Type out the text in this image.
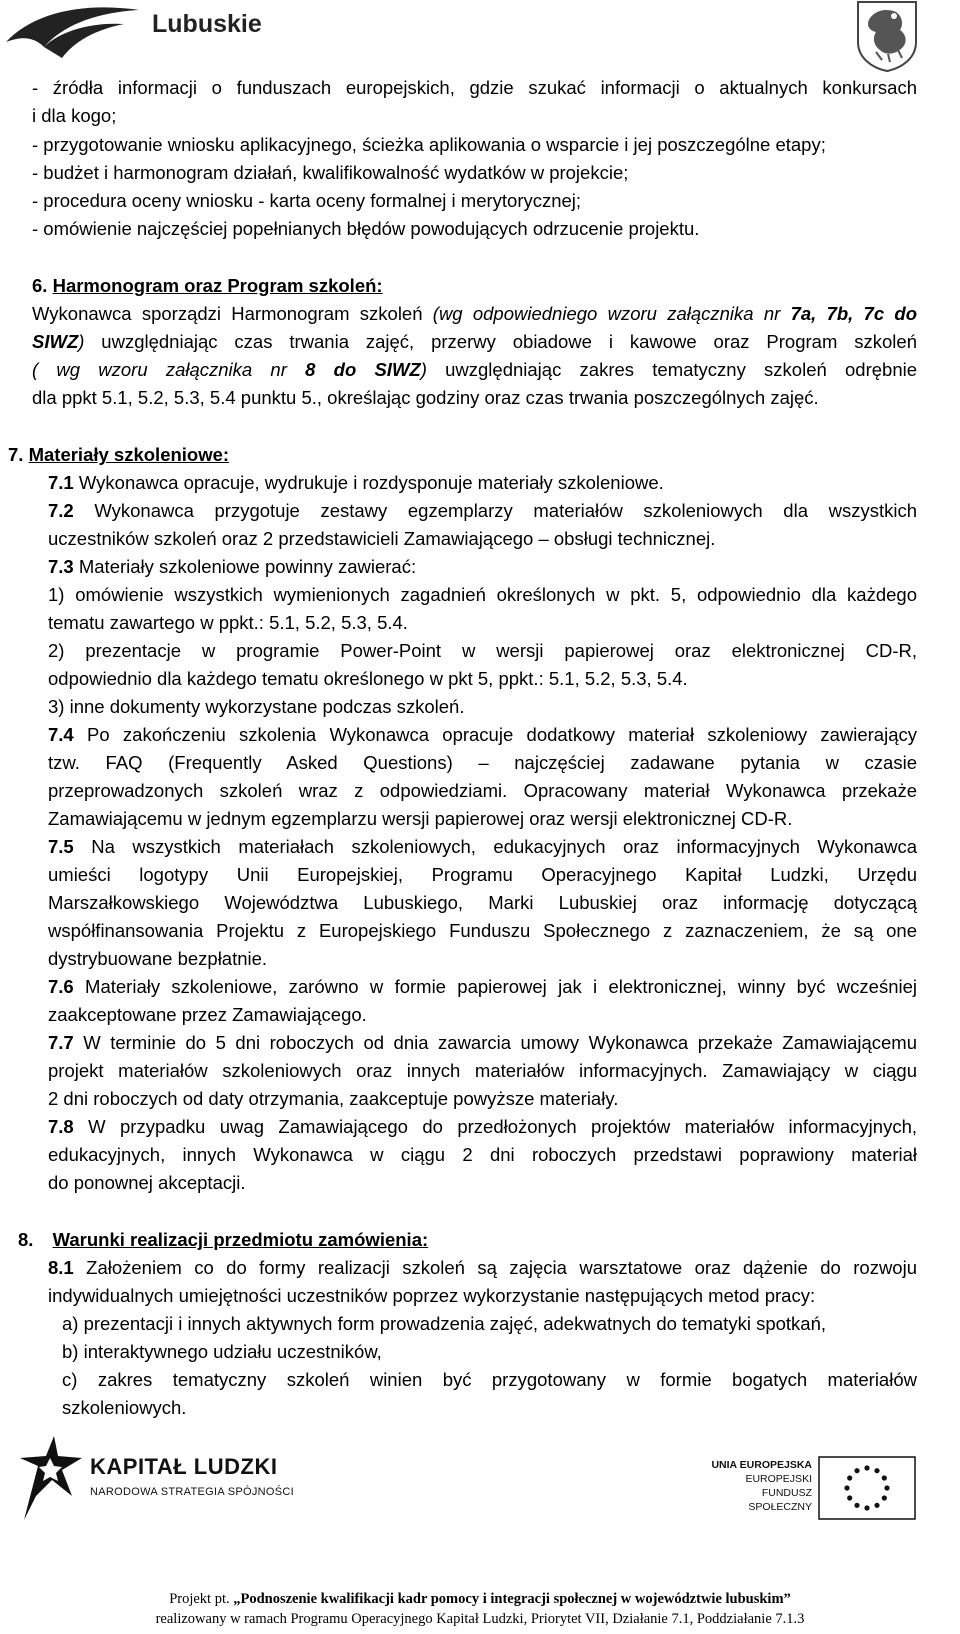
Lubuskie
- źródła informacji o funduszach europejskich, gdzie szukać informacji o aktualnych konkursach
i dla kogo;
- przygotowanie wniosku aplikacyjnego, ścieżka aplikowania o wsparcie i jej poszczególne etapy;
- budżet i harmonogram działań, kwalifikowalność wydatków w projekcie;
- procedura oceny wniosku - karta oceny formalnej i merytorycznej;
- omówienie najczęściej popełnianych błędów powodujących odrzucenie projektu.
6. Harmonogram oraz Program szkoleń:
Wykonawca sporządzi Harmonogram szkoleń (wg odpowiedniego wzoru załącznika nr 7a, 7b, 7c do
SIWZ) uwzględniając czas trwania zajęć, przerwy obiadowe i kawowe oraz Program szkoleń
( wg wzoru załącznika nr 8 do SIWZ) uwzględniając zakres tematyczny szkoleń odrębnie
dla ppkt 5.1, 5.2, 5.3, 5.4 punktu 5., określając godziny oraz czas trwania poszczególnych zajęć.
7. Materiały szkoleniowe:
7.1 Wykonawca opracuje, wydrukuje i rozdysponuje materiały szkoleniowe.
7.2 Wykonawca przygotuje zestawy egzemplarzy materiałów szkoleniowych dla wszystkich
uczestników szkoleń oraz 2 przedstawicieli Zamawiającego – obsługi technicznej.
7.3 Materiały szkoleniowe powinny zawierać:
1) omówienie wszystkich wymienionych zagadnień określonych w pkt. 5, odpowiednio dla każdego
tematu zawartego w ppkt.: 5.1, 5.2, 5.3, 5.4.
2) prezentacje w programie Power-Point w wersji papierowej oraz elektronicznej CD-R,
odpowiednio dla każdego tematu określonego w pkt 5, ppkt.: 5.1, 5.2, 5.3, 5.4.
3) inne dokumenty wykorzystane podczas szkoleń.
7.4 Po zakończeniu szkolenia Wykonawca opracuje dodatkowy materiał szkoleniowy zawierający
tzw. FAQ (Frequently Asked Questions) – najczęściej zadawane pytania w czasie
przeprowadzonych szkoleń wraz z odpowiedziami. Opracowany materiał Wykonawca przekaże
Zamawiającemu w jednym egzemplarzu wersji papierowej oraz wersji elektronicznej CD-R.
7.5 Na wszystkich materiałach szkoleniowych, edukacyjnych oraz informacyjnych Wykonawca
umieści logotypy Unii Europejskiej, Programu Operacyjnego Kapitał Ludzki, Urzędu
Marszałkowskiego Województwa Lubuskiego, Marki Lubuskiej oraz informację dotyczącą
współfinansowania Projektu z Europejskiego Funduszu Społecznego z zaznaczeniem, że są one
dystrybuowane bezpłatnie.
7.6 Materiały szkoleniowe, zarówno w formie papierowej jak i elektronicznej, winny być wcześniej
zaakceptowane przez Zamawiającego.
7.7 W terminie do 5 dni roboczych od dnia zawarcia umowy Wykonawca przekaże Zamawiającemu
projekt materiałów szkoleniowych oraz innych materiałów informacyjnych. Zamawiający w ciągu
2 dni roboczych od daty otrzymania, zaakceptuje powyższe materiały.
7.8 W przypadku uwag Zamawiającego do przedłożonych projektów materiałów informacyjnych,
edukacyjnych, innych Wykonawca w ciągu 2 dni roboczych przedstawi poprawiony materiał
do ponownej akceptacji.
8. Warunki realizacji przedmiotu zamówienia:
8.1 Założeniem co do formy realizacji szkoleń są zajęcia warsztatowe oraz dążenie do rozwoju
indywidualnych umiejętności uczestników poprzez wykorzystanie następujących metod pracy:
a) prezentacji i innych aktywnych form prowadzenia zajęć, adekwatnych do tematyki spotkań,
b) interaktywnego udziału uczestników,
c) zakres tematyczny szkoleń winien być przygotowany w formie bogatych materiałów
szkoleniowych.
KAPITAŁ LUDZKI
NARODOWA STRATEGIA SPÓJNOŚCI
UNIA EUROPEJSKA
EUROPEJSKI
FUNDUSZ SPOŁECZNY
Projekt pt. „Podnoszenie kwalifikacji kadr pomocy i integracji społecznej w województwie lubuskim”
realizowany w ramach Programu Operacyjnego Kapitał Ludzki, Priorytet VII, Działanie 7.1, Poddziałanie 7.1.3
